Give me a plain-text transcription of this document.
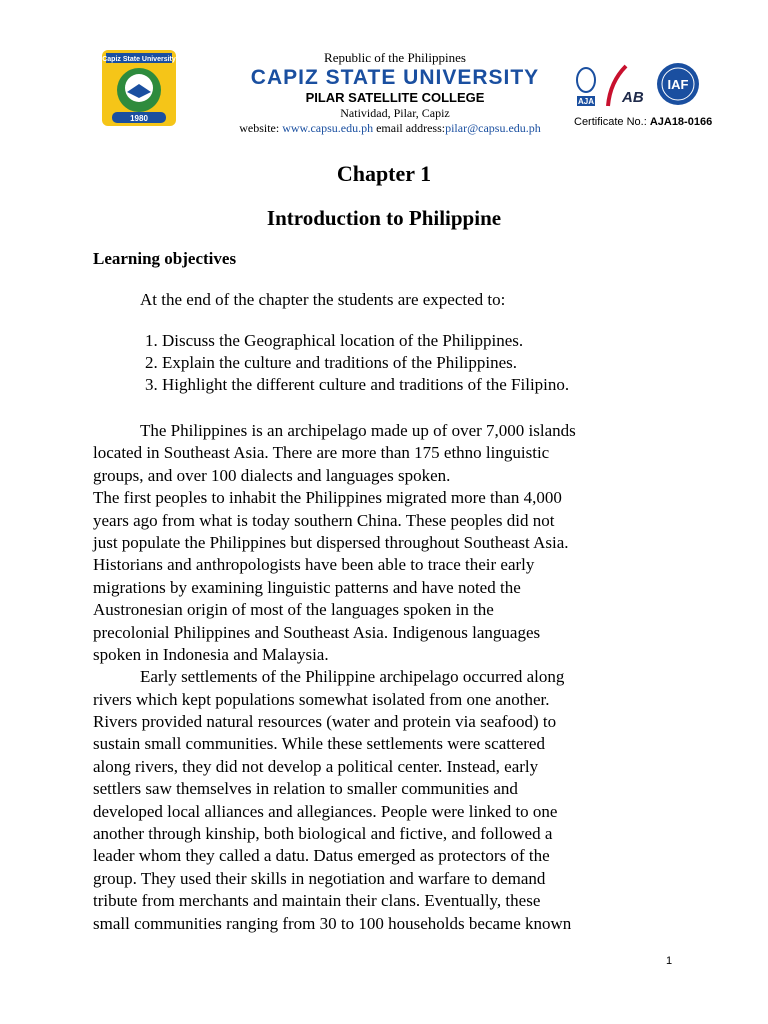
Capiz State University
1980
Republic of the Philippines
CAPIZ STATE UNIVERSITY
PILAR SATELLITE COLLEGE
Natividad, Pilar, Capiz
website: www.capsu.edu.ph email address:pilar@capsu.edu.ph
AJA AB
IAF
Certificate No.: AJA18-0166
Chapter 1
Introduction to Philippine
Learning objectives
At the end of the chapter the students are expected to:
1. Discuss the Geographical location of the Philippines.
2. Explain the culture and traditions of the Philippines.
3. Highlight the different culture and traditions of the Filipino.
The Philippines is an archipelago made up of over 7,000 islands
located in Southeast Asia. There are more than 175 ethno linguistic
groups, and over 100 dialects and languages spoken.
The first peoples to inhabit the Philippines migrated more than 4,000
years ago from what is today southern China. These peoples did not
just populate the Philippines but dispersed throughout Southeast Asia.
Historians and anthropologists have been able to trace their early
migrations by examining linguistic patterns and have noted the
Austronesian origin of most of the languages spoken in the
precolonial Philippines and Southeast Asia. Indigenous languages
spoken in Indonesia and Malaysia.
Early settlements of the Philippine archipelago occurred along
rivers which kept populations somewhat isolated from one another.
Rivers provided natural resources (water and protein via seafood) to
sustain small communities. While these settlements were scattered
along rivers, they did not develop a political center. Instead, early
settlers saw themselves in relation to smaller communities and
developed local alliances and allegiances. People were linked to one
another through kinship, both biological and fictive, and followed a
leader whom they called a datu. Datus emerged as protectors of the
group. They used their skills in negotiation and warfare to demand
tribute from merchants and maintain their clans. Eventually, these
small communities ranging from 30 to 100 households became known
1
